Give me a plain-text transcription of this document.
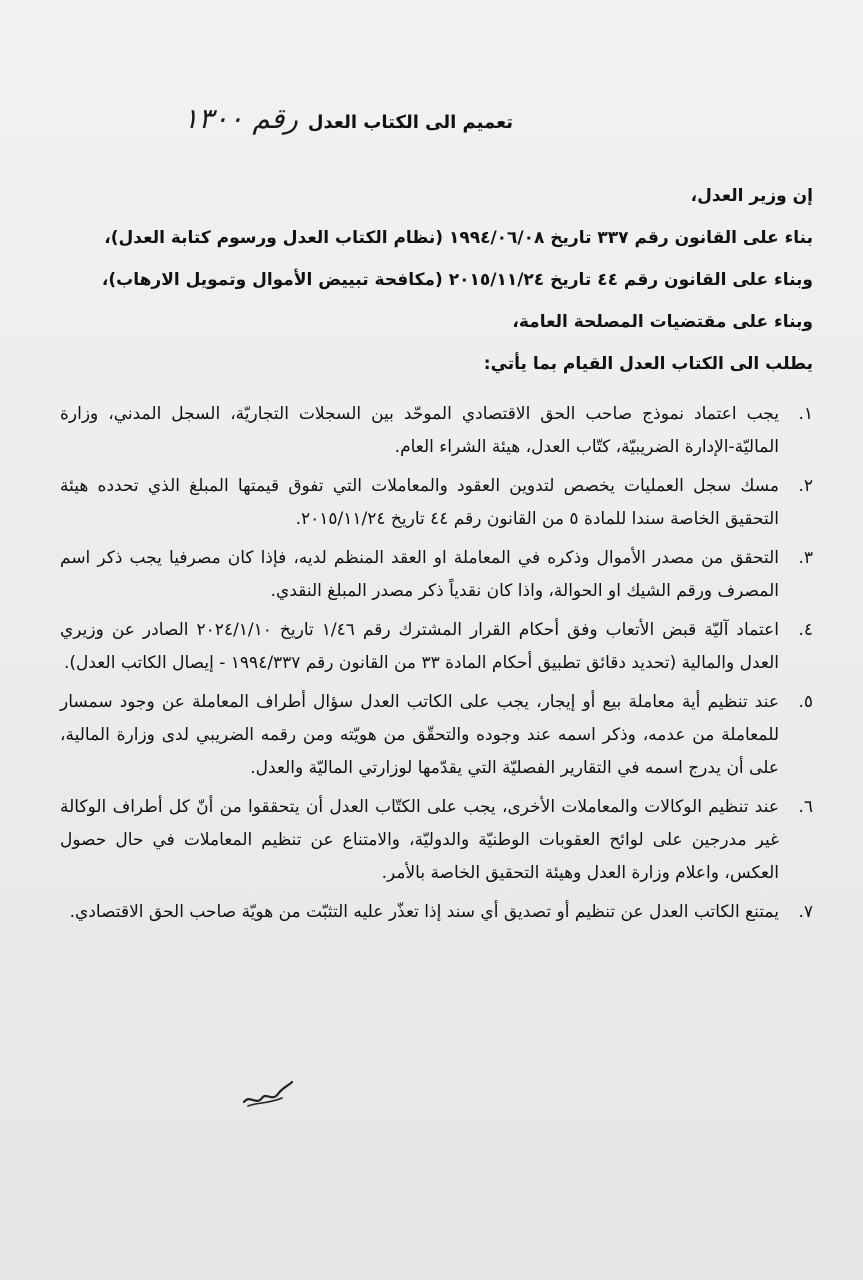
تعميم الى الكتاب العدل
رقم ١٣٠٠
إن وزير العدل،
بناء على القانون رقم ٣٣٧ تاريخ ١٩٩٤/٠٦/٠٨ (نظام الكتاب العدل ورسوم كتابة العدل)،
وبناء على القانون رقم ٤٤ تاريخ ٢٠١٥/١١/٢٤ (مكافحة تبييض الأموال وتمويل الارهاب)،
وبناء على مقتضيات المصلحة العامة،
يطلب الى الكتاب العدل القيام بما يأتي:
١.
يجب اعتماد نموذج صاحب الحق الاقتصادي الموحّد بين السجلات التجاريّة، السجل المدني، وزارة الماليّة-الإدارة الضريبيّة، كتّاب العدل، هيئة الشراء العام.
٢.
مسك سجل العمليات يخصص لتدوين العقود والمعاملات التي تفوق قيمتها المبلغ الذي تحدده هيئة التحقيق الخاصة سندا للمادة ٥ من القانون رقم ٤٤ تاريخ ٢٠١٥/١١/٢٤.
٣.
التحقق من مصدر الأموال وذكره في المعاملة او العقد المنظم لديه، فإذا كان مصرفيا يجب ذكر اسم المصرف ورقم الشيك او الحوالة، واذا كان نقدياً ذكر مصدر المبلغ النقدي.
٤.
اعتماد آليّة قبض الأتعاب وفق أحكام القرار المشترك رقم ١/٤٦ تاريخ ٢٠٢٤/١/١٠ الصادر عن وزيري العدل والمالية (تحديد دقائق تطبيق أحكام المادة ٣٣ من القانون رقم ١٩٩٤/٣٣٧ - إيصال الكاتب العدل).
٥.
عند تنظيم أية معاملة بيع أو إيجار، يجب على الكاتب العدل سؤال أطراف المعاملة عن وجود سمسار للمعاملة من عدمه، وذكر اسمه عند وجوده والتحقّق من هويّته ومن رقمه الضريبي لدى وزارة المالية، على أن يدرج اسمه في التقارير الفصليّة التي يقدّمها لوزارتي الماليّة والعدل.
٦.
عند تنظيم الوكالات والمعاملات الأخرى، يجب على الكتّاب العدل أن يتحققوا من أنّ كل أطراف الوكالة غير مدرجين على لوائح العقوبات الوطنيّة والدوليّة، والامتناع عن تنظيم المعاملات في حال حصول العكس، واعلام وزارة العدل وهيئة التحقيق الخاصة بالأمر.
٧.
يمتنع الكاتب العدل عن تنظيم أو تصديق أي سند إذا تعذّر عليه التثبّت من هويّة صاحب الحق الاقتصادي.
